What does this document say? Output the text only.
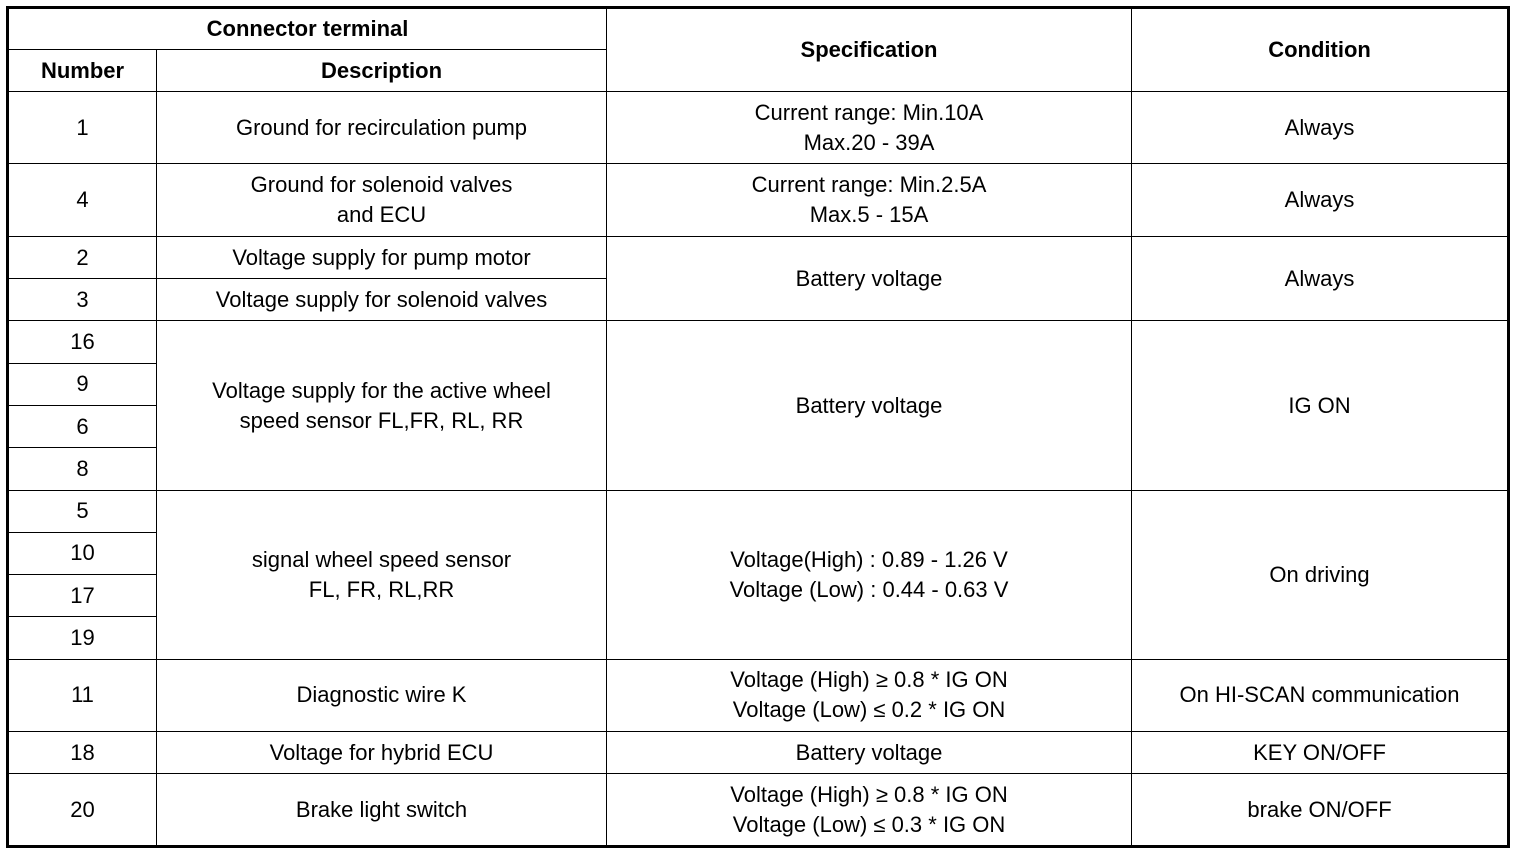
Connector terminal		Specification	Condition
Number	Description		
1	Ground for recirculation pump	Current range: Min.10A
Max.20 - 39A	Always
4	Ground for solenoid valves
and ECU	Current range: Min.2.5A
Max.5 - 15A	Always
2	Voltage supply for pump motor	Battery voltage	Always
3	Voltage supply for solenoid valves		

16	Voltage supply for the active wheel
speed sensor FL,FR, RL, RR	Battery voltage	IG ON
9			
6			
8			
5	signal wheel speed sensor
FL, FR, RL,RR	Voltage(High) : 0.89 - 1.26 V
Voltage (Low) : 0.44 - 0.63 V	On driving
10			
17			
19			
11	Diagnostic wire K	Voltage (High) ≥ 0.8 * IG ON
Voltage (Low) ≤ 0.2 * IG ON	On HI-SCAN communication
18	Voltage for hybrid ECU	Battery voltage	KEY ON/OFF
20	Brake light switch	Voltage (High) ≥ 0.8 * IG ON
Voltage (Low) ≤ 0.3 * IG ON	brake ON/OFF
